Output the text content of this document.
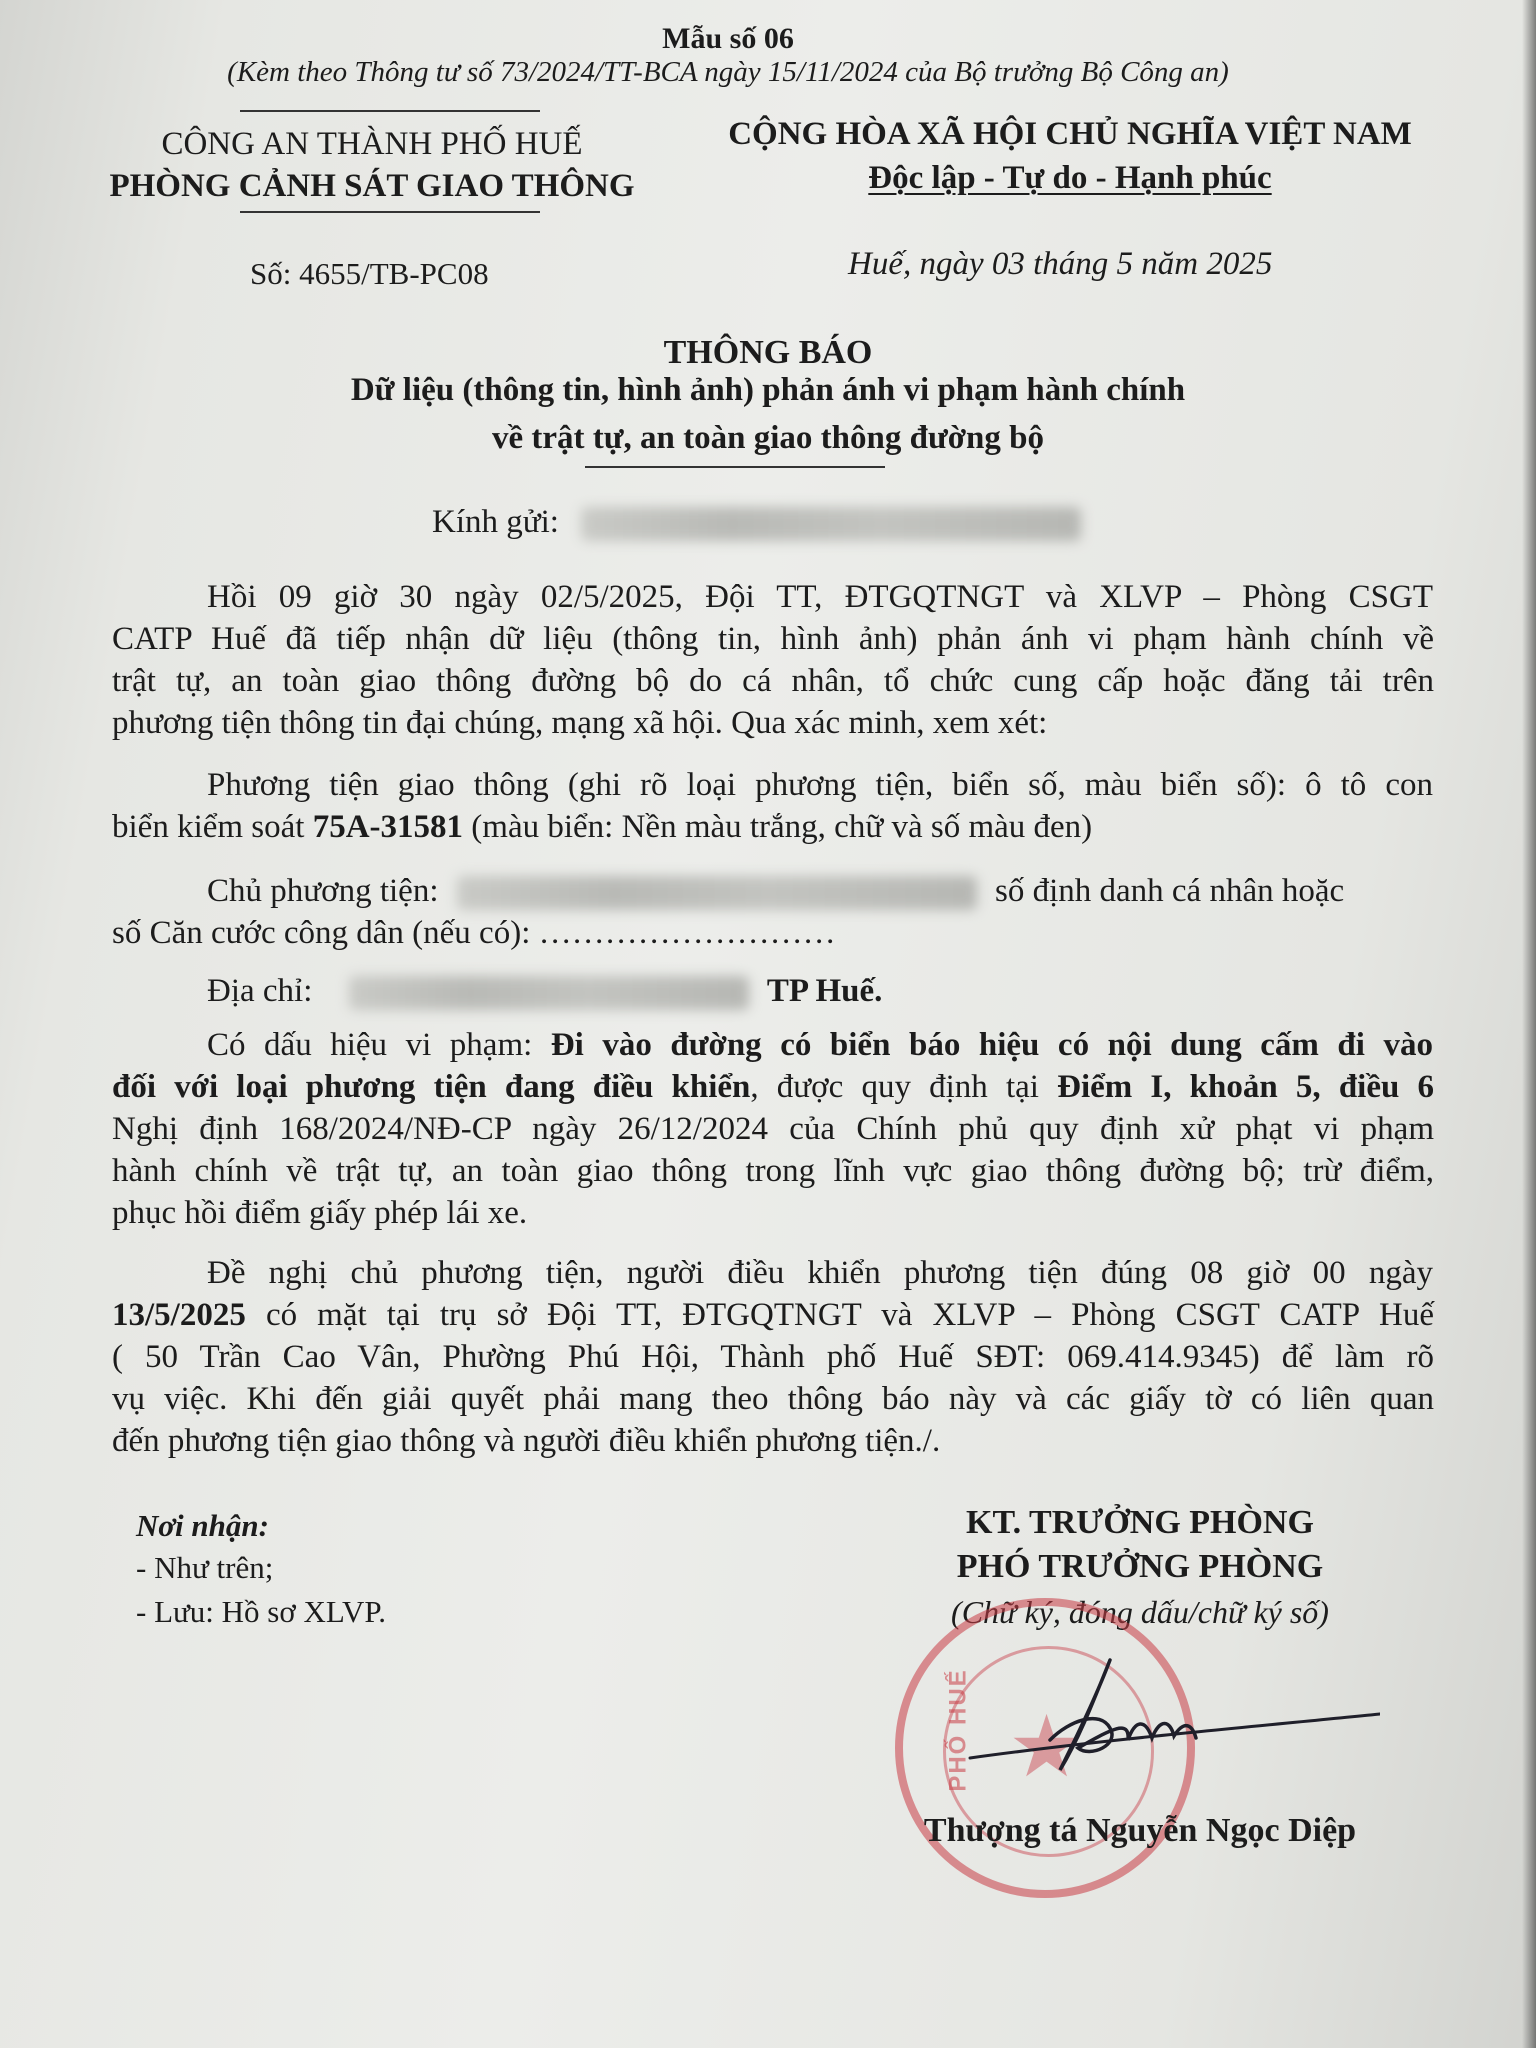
Mẫu số 06
(Kèm theo Thông tư số 73/2024/TT-BCA ngày 15/11/2024 của Bộ trưởng Bộ Công an)
CÔNG AN THÀNH PHỐ HUẾ
PHÒNG CẢNH SÁT GIAO THÔNG
CỘNG HÒA XÃ HỘI CHỦ NGHĨA VIỆT NAM
Độc lập - Tự do - Hạnh phúc
Số: 4655/TB-PC08	Huế, ngày 03 tháng 5 năm 2025
THÔNG BÁO
Dữ liệu (thông tin, hình ảnh) phản ánh vi phạm hành chính
về trật tự, an toàn giao thông đường bộ
Kính gửi:
Hồi 09 giờ 30 ngày 02/5/2025, Đội TT, ĐTGQTNGT và XLVP – Phòng CSGT
CATP Huế đã tiếp nhận dữ liệu (thông tin, hình ảnh) phản ánh vi phạm hành chính về
trật tự, an toàn giao thông đường bộ do cá nhân, tổ chức cung cấp hoặc đăng tải trên
phương tiện thông tin đại chúng, mạng xã hội. Qua xác minh, xem xét:
Phương tiện giao thông (ghi rõ loại phương tiện, biển số, màu biển số): ô tô con
biển kiểm soát 75A-31581 (màu biển: Nền màu trắng, chữ và số màu đen)
Chủ phương tiện:	số định danh cá nhân hoặc
số Căn cước công dân (nếu có): ………………………
Địa chỉ:	TP Huế.
Có dấu hiệu vi phạm: Đi vào đường có biển báo hiệu có nội dung cấm đi vào
đối với loại phương tiện đang điều khiển, được quy định tại Điểm I, khoản 5, điều 6
Nghị định 168/2024/NĐ-CP ngày 26/12/2024 của Chính phủ quy định xử phạt vi phạm
hành chính về trật tự, an toàn giao thông trong lĩnh vực giao thông đường bộ; trừ điểm,
phục hồi điểm giấy phép lái xe.
Đề nghị chủ phương tiện, người điều khiển phương tiện đúng 08 giờ 00 ngày
13/5/2025 có mặt tại trụ sở Đội TT, ĐTGQTNGT và XLVP – Phòng CSGT CATP Huế
( 50 Trần Cao Vân, Phường Phú Hội, Thành phố Huế SĐT: 069.414.9345) để làm rõ
vụ việc. Khi đến giải quyết phải mang theo thông báo này và các giấy tờ có liên quan
đến phương tiện giao thông và người điều khiển phương tiện./.
Nơi nhận:
- Như trên;
- Lưu: Hồ sơ XLVP.
KT. TRƯỞNG PHÒNG
PHÓ TRƯỞNG PHÒNG
(Chữ ký, đóng dấu/chữ ký số)
★
PHỐ HUẾ
Thượng tá Nguyễn Ngọc Diệp
